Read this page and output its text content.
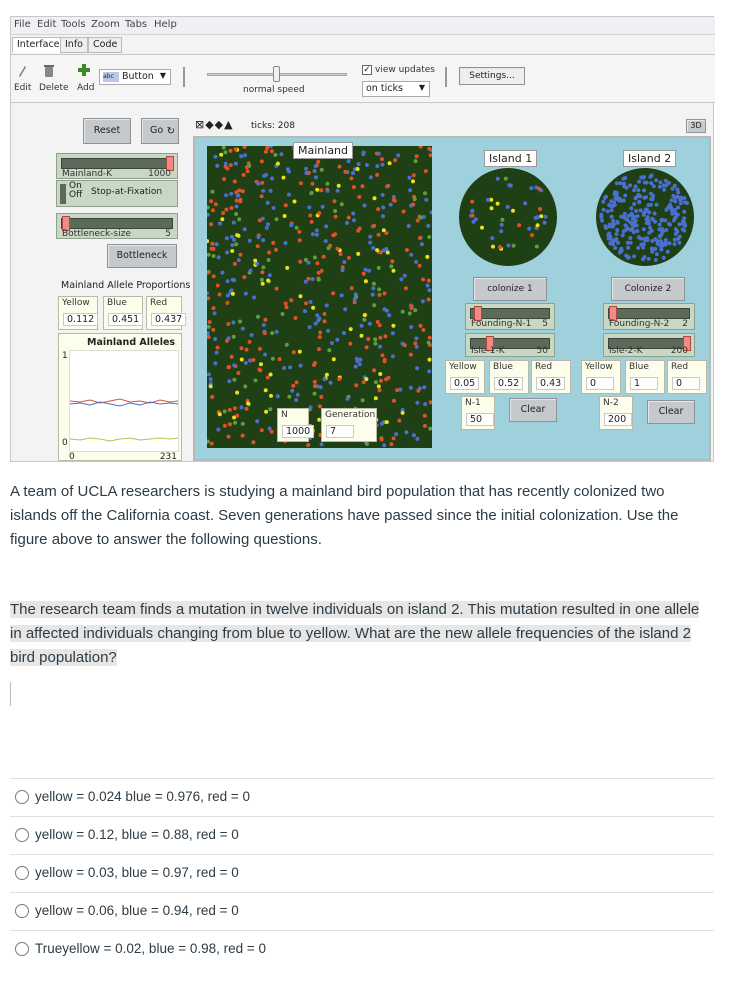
File Edit Tools Zoom Tabs Help
Interface Info	Code
Edit Delete Add
abc Button ▼
normal speed
✓ view updates
on ticks ▼
Settings...
Reset	Go ↻
Mainland-K	1000
On
Off Stop-at-Fixation
Bottleneck-size	5
Bottleneck
Mainland Allele Proportions
Yellow
0.112
Blue
0.451
Red
0.437
Mainland Alleles
1
0
0	231
⊠◆◆▲ ticks: 208	3D
Mainland
N
1000
Generation
7
Island 1
colonize 1
Founding-N-1 5
Isle-1-K	50
Yellow
0.05
Blue
0.52
Red
0.43
N-1
50
Clear
Island 2
Colonize 2
Founding-N-2 2
Isle-2-K	200
Yellow
0
Blue
1
Red
0
N-2
200
Clear
A team of UCLA researchers is studying a mainland bird population that has recently colonized two islands off the California coast. Seven generations have passed since the initial colonization. Use the figure above to answer the following questions.
The research team finds a mutation in twelve individuals on island 2. This mutation resulted in one allele in affected individuals changing from blue to yellow. What are the new allele frequencies of the island 2 bird population?
yellow = 0.024 blue = 0.976, red = 0
yellow = 0.12, blue = 0.88, red = 0
yellow = 0.03, blue = 0.97, red = 0
yellow = 0.06, blue = 0.94, red = 0
Trueyellow = 0.02, blue = 0.98, red = 0
